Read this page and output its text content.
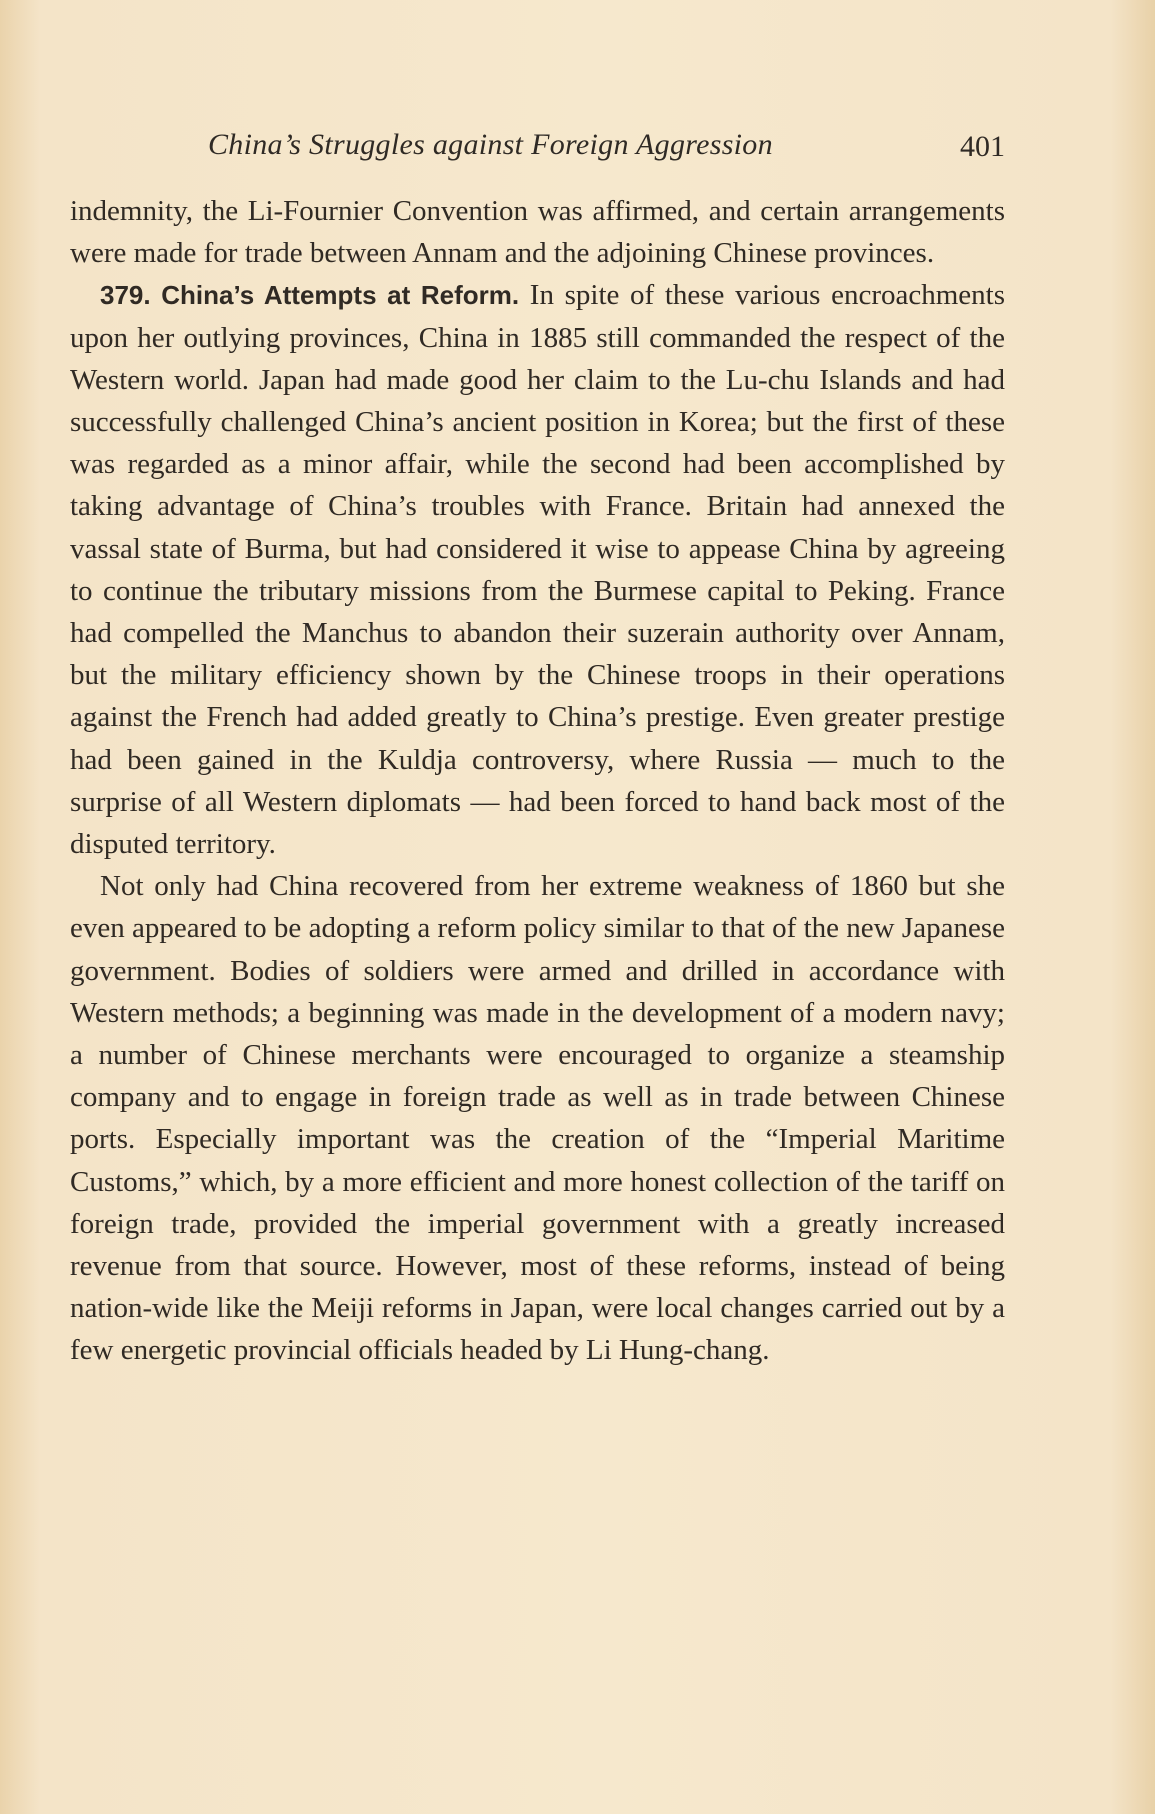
China’s Struggles against Foreign Aggression	401

indemnity, the Li-Fournier Convention was affirmed, and certain arrangements were made for trade between Annam and the adjoining Chinese provinces.

379. China’s Attempts at Reform. In spite of these various encroachments upon her outlying provinces, China in 1885 still commanded the respect of the Western world. Japan had made good her claim to the Lu-chu Islands and had successfully challenged China’s ancient position in Korea; but the first of these was regarded as a minor affair, while the second had been accomplished by taking advantage of China’s troubles with France. Britain had annexed the vassal state of Burma, but had considered it wise to appease China by agreeing to continue the tributary missions from the Burmese capital to Peking. France had compelled the Manchus to abandon their suzerain authority over Annam, but the military efficiency shown by the Chinese troops in their operations against the French had added greatly to China’s prestige. Even greater prestige had been gained in the Kuldja controversy, where Russia — much to the surprise of all Western diplomats — had been forced to hand back most of the disputed territory.

Not only had China recovered from her extreme weakness of 1860 but she even appeared to be adopting a reform policy similar to that of the new Japanese government. Bodies of soldiers were armed and drilled in accordance with Western methods; a beginning was made in the development of a modern navy; a number of Chinese merchants were encouraged to organize a steamship company and to engage in foreign trade as well as in trade between Chinese ports. Especially important was the creation of the “Imperial Maritime Customs,” which, by a more efficient and more honest collection of the tariff on foreign trade, provided the imperial government with a greatly increased revenue from that source. However, most of these reforms, instead of being nation-wide like the Meiji reforms in Japan, were local changes carried out by a few energetic provincial officials headed by Li Hung-chang.
